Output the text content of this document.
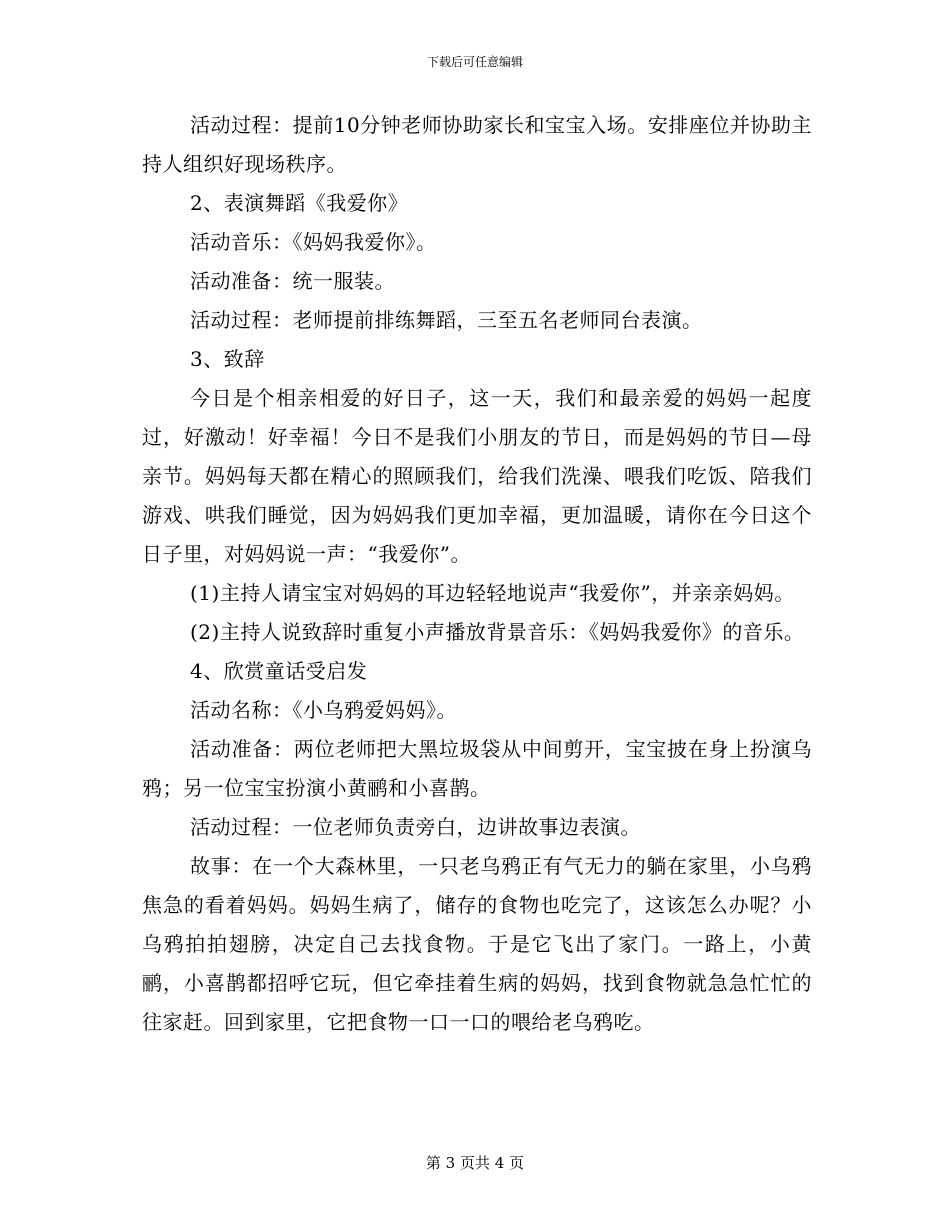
下载后可任意编辑

活动过程：提前10分钟老师协助家长和宝宝入场。安排座位并协助主持人组织好现场秩序。

2、表演舞蹈《我爱你》

活动音乐：《妈妈我爱你》。

活动准备：统一服装。

活动过程：老师提前排练舞蹈，三至五名老师同台表演。

3、致辞

今日是个相亲相爱的好日子，这一天，我们和最亲爱的妈妈一起度过，好激动！好幸福！今日不是我们小朋友的节日，而是妈妈的节日—母亲节。妈妈每天都在精心的照顾我们，给我们洗澡、喂我们吃饭、陪我们游戏、哄我们睡觉，因为妈妈我们更加幸福，更加温暖，请你在今日这个日子里，对妈妈说一声：“我爱你”。

(1)主持人请宝宝对妈妈的耳边轻轻地说声“我爱你”，并亲亲妈妈。

(2)主持人说致辞时重复小声播放背景音乐：《妈妈我爱你》的音乐。

4、欣赏童话受启发

活动名称：《小乌鸦爱妈妈》。

活动准备：两位老师把大黑垃圾袋从中间剪开，宝宝披在身上扮演乌鸦；另一位宝宝扮演小黄鹂和小喜鹊。

活动过程：一位老师负责旁白，边讲故事边表演。

故事：在一个大森林里，一只老乌鸦正有气无力的躺在家里，小乌鸦焦急的看着妈妈。妈妈生病了，储存的食物也吃完了，这该怎么办呢？小乌鸦拍拍翅膀，决定自己去找食物。于是它飞出了家门。一路上，小黄鹂，小喜鹊都招呼它玩，但它牵挂着生病的妈妈，找到食物就急急忙忙的往家赶。回到家里，它把食物一口一口的喂给老乌鸦吃。

第 3 页共 4 页
